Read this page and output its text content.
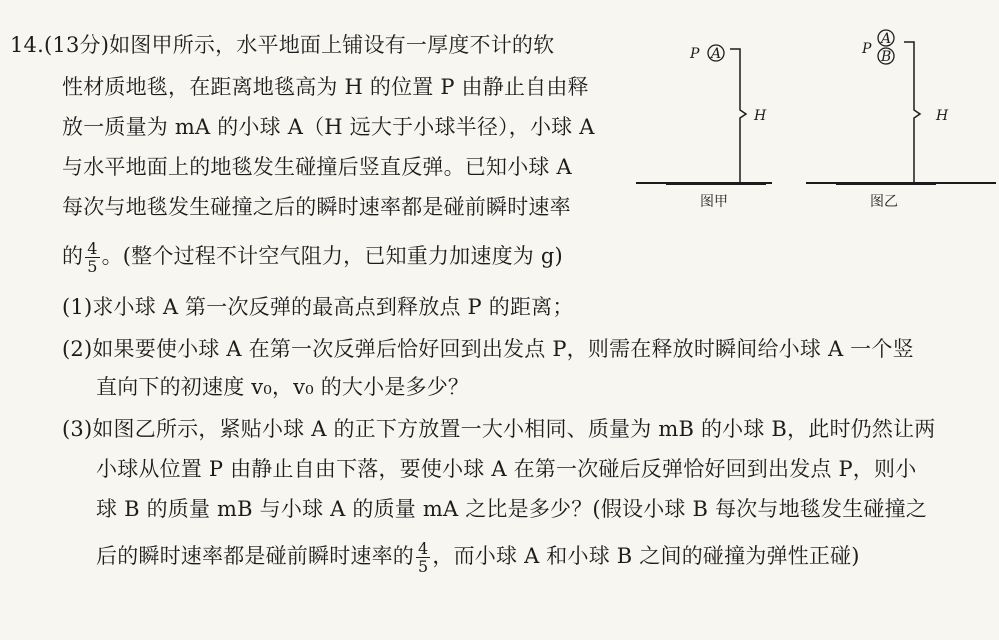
14.(13分)如图甲所示，水平地面上铺设有一厚度不计的软
性材质地毯，在距离地毯高为 H 的位置 P 由静止自由释
放一质量为 mA 的小球 A（H 远大于小球半径），小球 A
与水平地面上的地毯发生碰撞后竖直反弹。已知小球 A
每次与地毯发生碰撞之后的瞬时速率都是碰前瞬时速率
的 $\frac{4}{5}$ 。(整个过程不计空气阻力，已知重力加速度为 g)
(1)求小球 A 第一次反弹的最高点到释放点 P 的距离；
(2)如果要使小球 A 在第一次反弹后恰好回到出发点 P，则需在释放时瞬间给小球 A 一个竖
直向下的初速度 v₀，v₀ 的大小是多少？
(3)如图乙所示，紧贴小球 A 的正下方放置一大小相同、质量为 mB 的小球 B，此时仍然让两
小球从位置 P 由静止自由下落，要使小球 A 在第一次碰后反弹恰好回到出发点 P，则小
球 B 的质量 mB 与小球 A 的质量 mA 之比是多少？(假设小球 B 每次与地毯发生碰撞之
后的瞬时速率都是碰前瞬时速率的 $\frac{4}{5}$ ，而小球 A 和小球 B 之间的碰撞为弹性正碰)
P A
H
图甲
P
A
B
H
图乙
